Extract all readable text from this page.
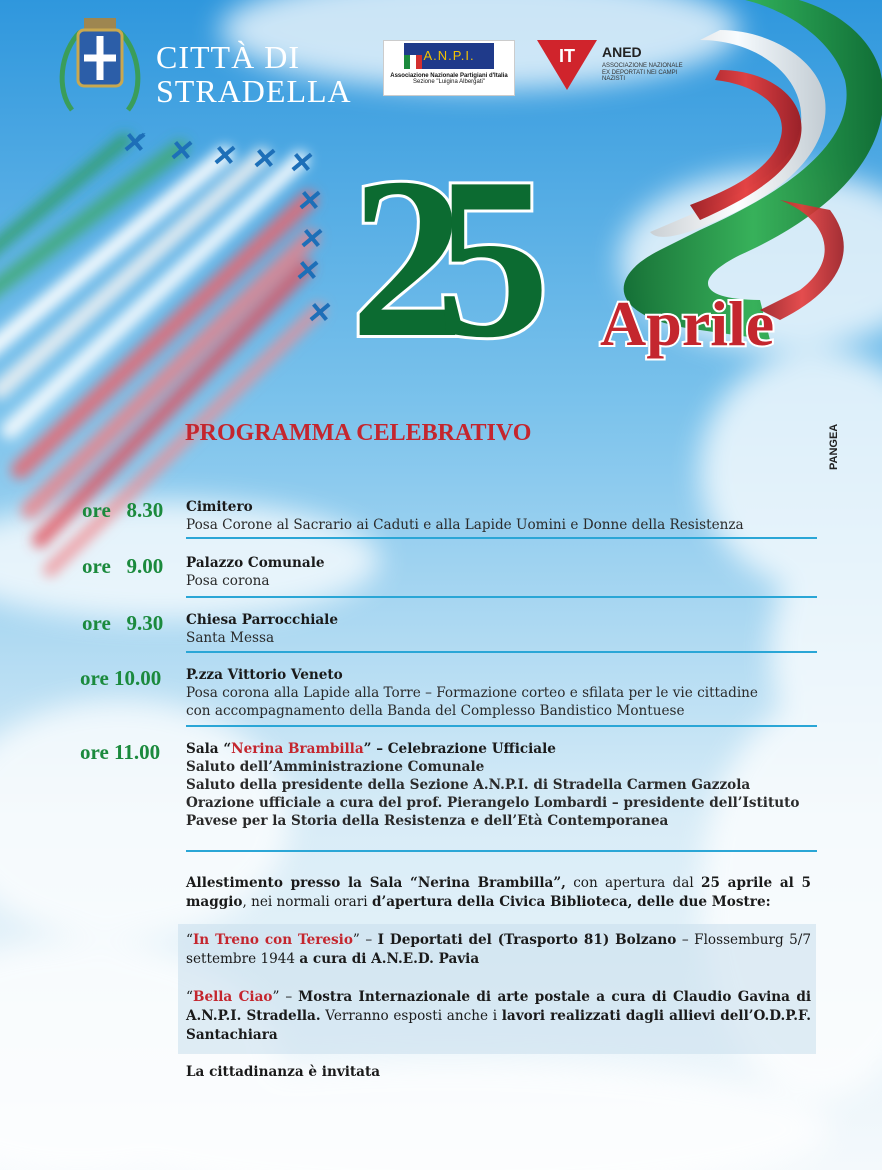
CITTÀ DI
STRADELLA
A.N.P.I.
Associazione Nazionale Partigiani d'Italia
Sezione "Luigina Albergati"
IT ANED
ASSOCIAZIONE NAZIONALE
EX DEPORTATI NEI CAMPI NAZISTI
25	Aprile
PANGEA
PROGRAMMA CELEBRATIVO
ore   8.30 Cimitero
Posa Corone al Sacrario ai Caduti e alla Lapide Uomini e Donne della Resistenza
ore   9.00 Palazzo Comunale
Posa corona
ore   9.30 Chiesa Parrocchiale
Santa Messa
ore 10.00 P.zza Vittorio Veneto
Posa corona alla Lapide alla Torre – Formazione corteo e sfilata per le vie cittadine
con accompagnamento della Banda del Complesso Bandistico Montuese
ore 11.00 Sala “Nerina Brambilla” – Celebrazione Ufficiale
Saluto dell’Amministrazione Comunale
Saluto della presidente della Sezione A.N.P.I. di Stradella Carmen Gazzola
Orazione ufficiale a cura del prof. Pierangelo Lombardi – presidente dell’Istituto
Pavese per la Storia della Resistenza e dell’Età Contemporanea
Allestimento presso la Sala “Nerina Brambilla”, con apertura dal 25 aprile al 5 maggio, nei normali orari d’apertura della Civica Biblioteca, delle due Mostre:
“In Treno con Teresio” – I Deportati del (Trasporto 81) Bolzano – Flossemburg 5/7 settembre 1944 a cura di A.N.E.D. Pavia
“Bella Ciao” – Mostra Internazionale di arte postale a cura di Claudio Gavina di A.N.P.I. Stradella. Verranno esposti anche i lavori realizzati dagli allievi dell’O.D.P.F. Santachiara
La cittadinanza è invitata
